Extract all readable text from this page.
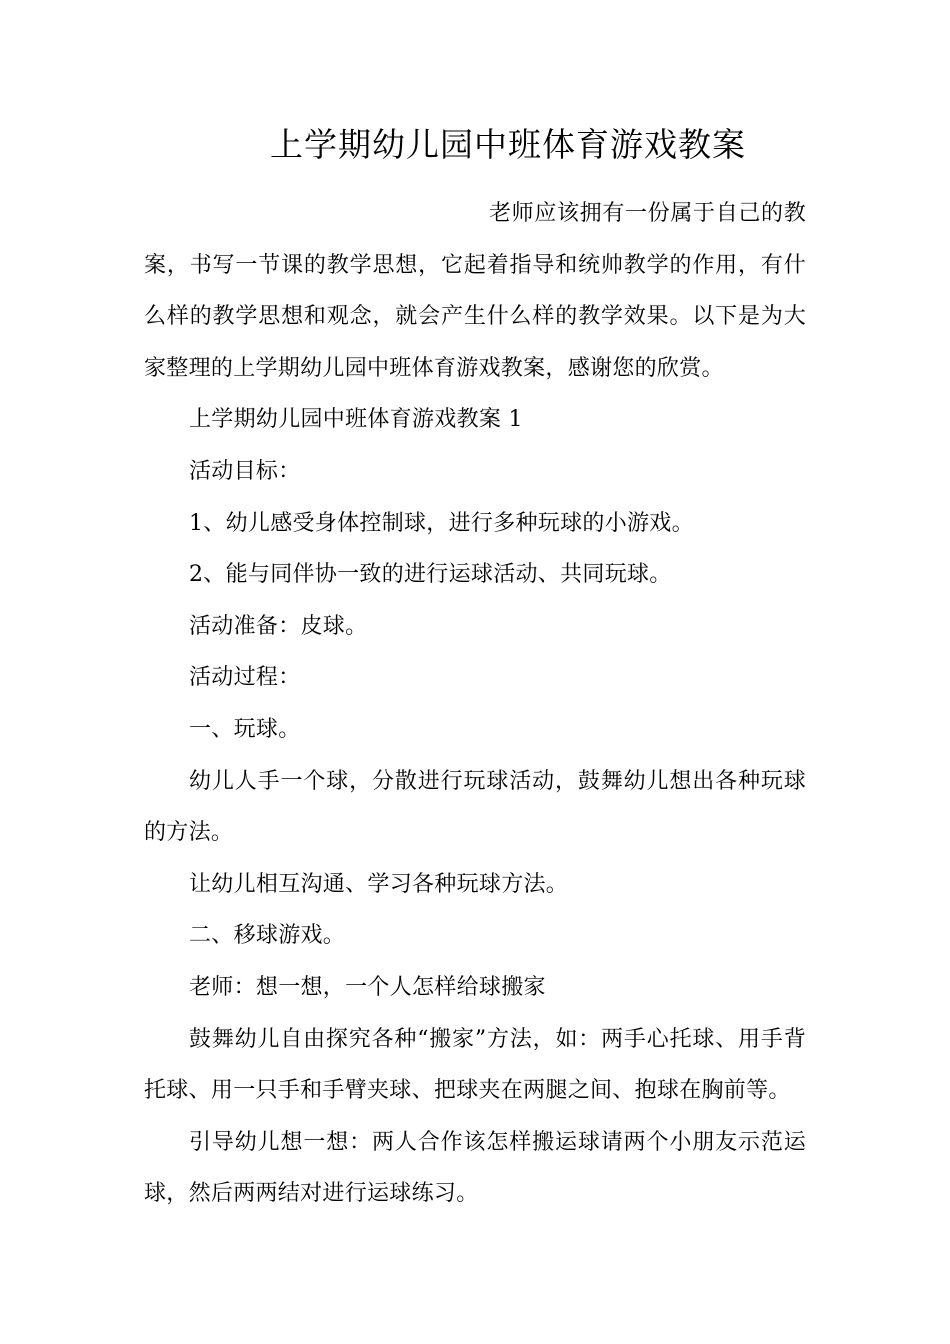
上学期幼儿园中班体育游戏教案

老师应该拥有一份属于自己的教案，书写一节课的教学思想，它起着指导和统帅教学的作用，有什么样的教学思想和观念，就会产生什么样的教学效果。以下是为大家整理的上学期幼儿园中班体育游戏教案，感谢您的欣赏。

上学期幼儿园中班体育游戏教案 1

活动目标：

1、幼儿感受身体控制球，进行多种玩球的小游戏。

2、能与同伴协一致的进行运球活动、共同玩球。

活动准备：皮球。

活动过程：

一、玩球。

幼儿人手一个球，分散进行玩球活动，鼓舞幼儿想出各种玩球的方法。

让幼儿相互沟通、学习各种玩球方法。

二、移球游戏。

老师：想一想，一个人怎样给球搬家

鼓舞幼儿自由探究各种“搬家”方法，如：两手心托球、用手背托球、用一只手和手臂夹球、把球夹在两腿之间、抱球在胸前等。

引导幼儿想一想：两人合作该怎样搬运球请两个小朋友示范运球，然后两两结对进行运球练习。
